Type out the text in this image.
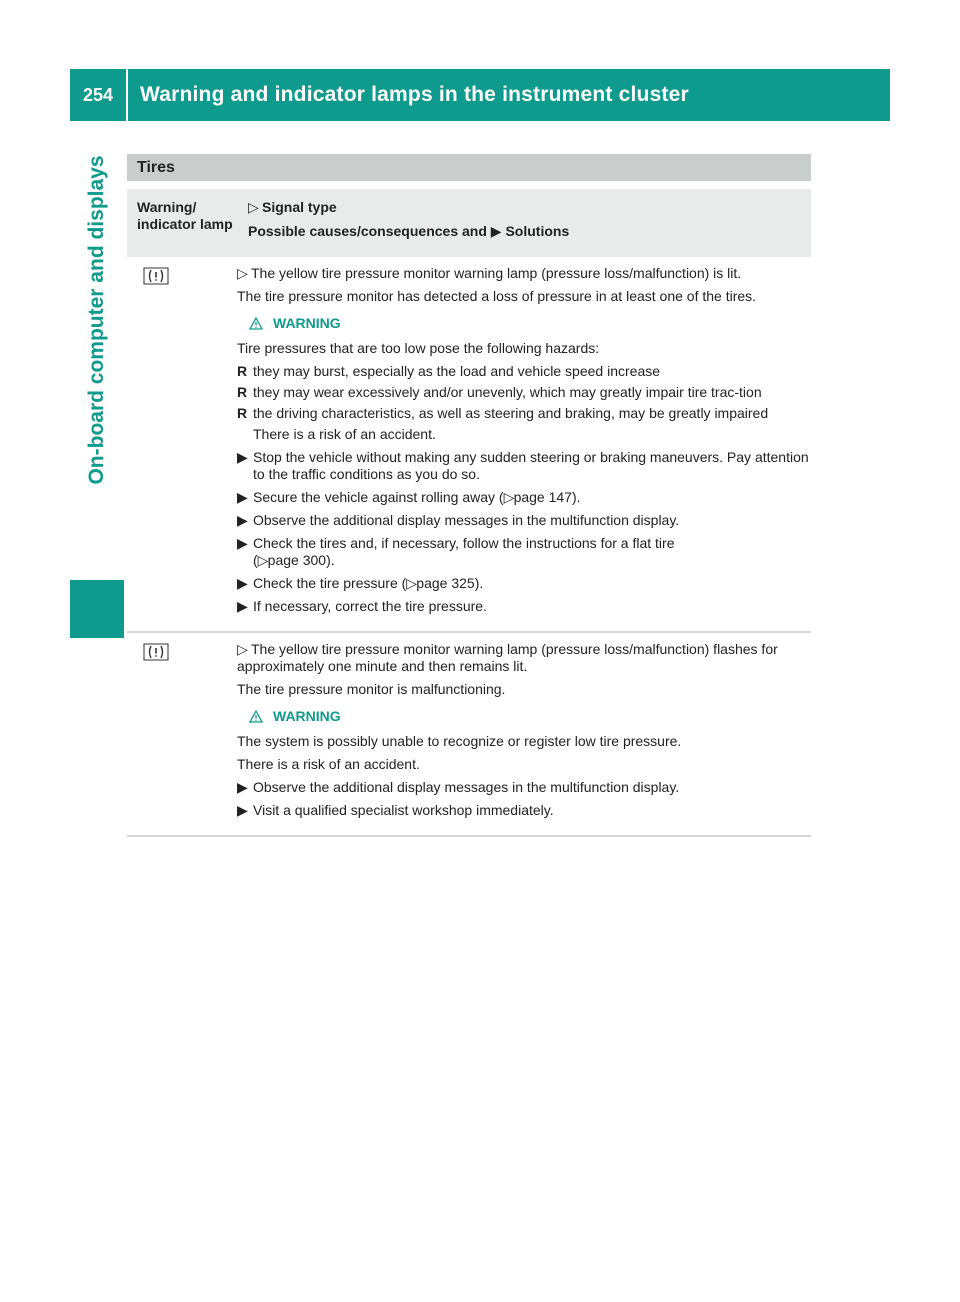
254	Warning and indicator lamps in the instrument cluster
On-board computer and displays	Tires
Warning/ indicator lamp
▷ Signal type
Possible causes/consequences and ▶ Solutions
▷ The yellow tire pressure monitor warning lamp (pressure loss/malfunction) is lit.
The tire pressure monitor has detected a loss of pressure in at least one of the tires.
WARNING
Tire pressures that are too low pose the following hazards:
R they may burst, especially as the load and vehicle speed increase
R they may wear excessively and/or unevenly, which may greatly impair tire trac-tion
R the driving characteristics, as well as steering and braking, may be greatly impaired
There is a risk of an accident.
▶ Stop the vehicle without making any sudden steering or braking maneuvers. Pay attention to the traffic conditions as you do so.
▶ Secure the vehicle against rolling away (▷page 147).
▶ Observe the additional display messages in the multifunction display.
▶ Check the tires and, if necessary, follow the instructions for a flat tire
(▷page 300).
▶ Check the tire pressure (▷page 325).
▶ If necessary, correct the tire pressure.
▷ The yellow tire pressure monitor warning lamp (pressure loss/malfunction) flashes for approximately one minute and then remains lit.
The tire pressure monitor is malfunctioning.
WARNING
The system is possibly unable to recognize or register low tire pressure.
There is a risk of an accident.
▶ Observe the additional display messages in the multifunction display.
▶ Visit a qualified specialist workshop immediately.
